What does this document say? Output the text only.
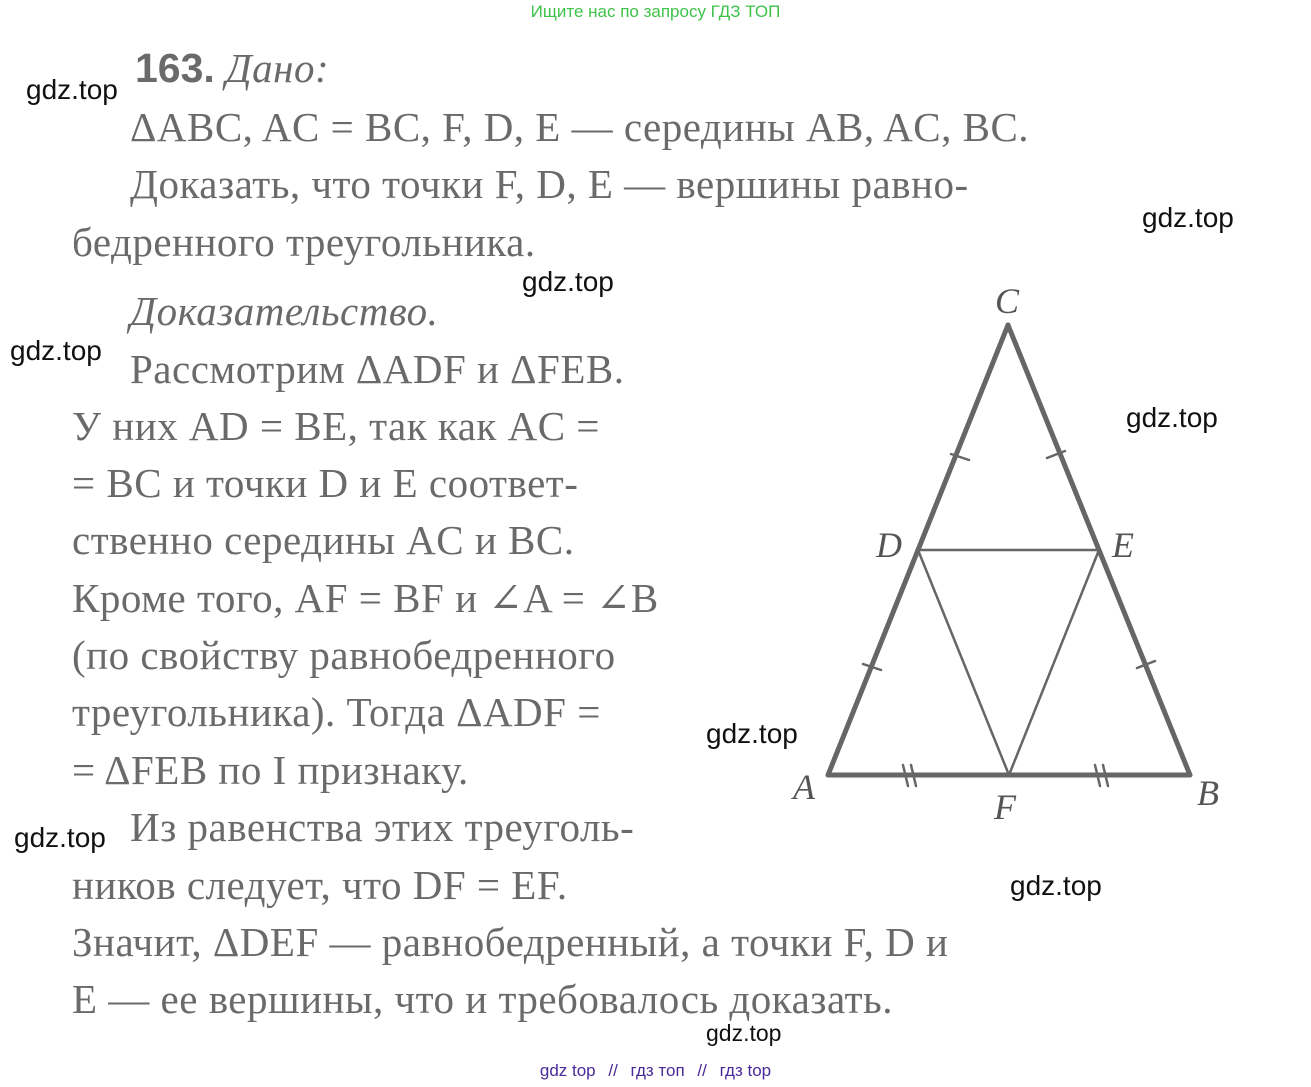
Ищите нас по запросу ГДЗ ТОП
163. Дано:
ΔABC, AC = BC, F, D, E — середины AB, AC, BC.
Доказать, что точки F, D, E — вершины равно-
бедренного треугольника.
Доказательство.
Рассмотрим ΔADF и ΔFEB.
У них AD = BE, так как AC =
= BC и точки D и E соответ-
ственно середины AC и BC.
Кроме того, AF = BF и ∠A = ∠B
(по свойству равнобедренного
треугольника). Тогда ΔADF =
= ΔFEB по I признаку.
Из равенства этих треуголь-
ников следует, что DF = EF.
Значит, ΔDEF — равнобедренный, а точки F, D и
E — ее вершины, что и требовалось доказать.
C
D	E
A	B
F
gdz.top
gdz.top
gdz.top
gdz.top
gdz.top
gdz.top
gdz.top
gdz.top
gdz.top
gdz top // гдз топ // гдз top
